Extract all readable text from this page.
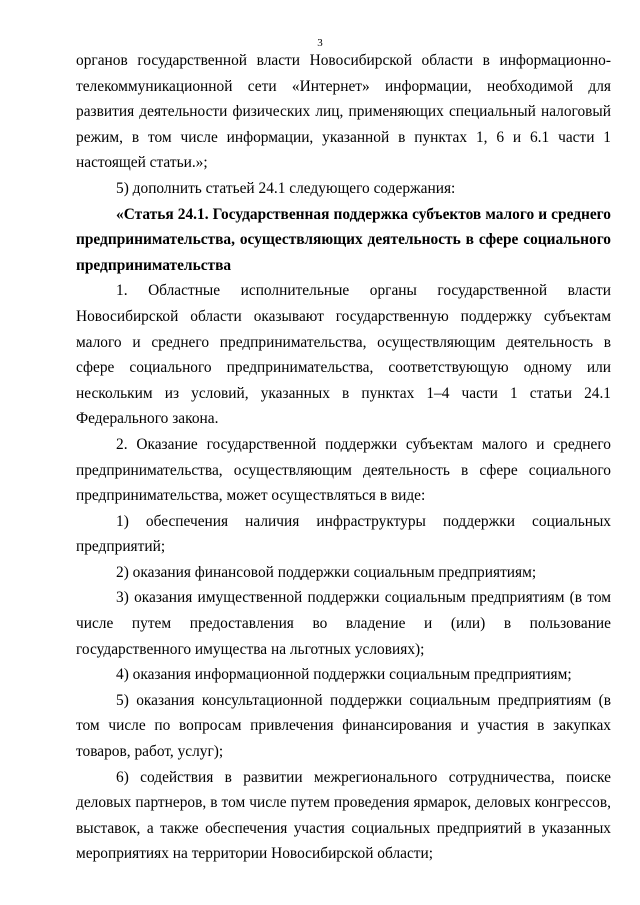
3

органов государственной власти Новосибирской области в информационно-телекоммуникационной сети «Интернет» информации, необходимой для развития деятельности физических лиц, применяющих специальный налоговый режим, в том числе информации, указанной в пунктах 1, 6 и 6.1 части 1 настоящей статьи.»;

5) дополнить статьей 24.1 следующего содержания:

«Статья 24.1. Государственная поддержка субъектов малого и среднего предпринимательства, осуществляющих деятельность в сфере социального предпринимательства

1. Областные исполнительные органы государственной власти Новосибирской области оказывают государственную поддержку субъектам малого и среднего предпринимательства, осуществляющим деятельность в сфере социального предпринимательства, соответствующую одному или нескольким из условий, указанных в пунктах 1–4 части 1 статьи 24.1 Федерального закона.

2. Оказание государственной поддержки субъектам малого и среднего предпринимательства, осуществляющим деятельность в сфере социального предпринимательства, может осуществляться в виде:

1) обеспечения наличия инфраструктуры поддержки социальных предприятий;

2) оказания финансовой поддержки социальным предприятиям;

3) оказания имущественной поддержки социальным предприятиям (в том числе путем предоставления во владение и (или) в пользование государственного имущества на льготных условиях);

4) оказания информационной поддержки социальным предприятиям;

5) оказания консультационной поддержки социальным предприятиям (в том числе по вопросам привлечения финансирования и участия в закупках товаров, работ, услуг);

6) содействия в развитии межрегионального сотрудничества, поиске деловых партнеров, в том числе путем проведения ярмарок, деловых конгрессов, выставок, а также обеспечения участия социальных предприятий в указанных мероприятиях на территории Новосибирской области;
